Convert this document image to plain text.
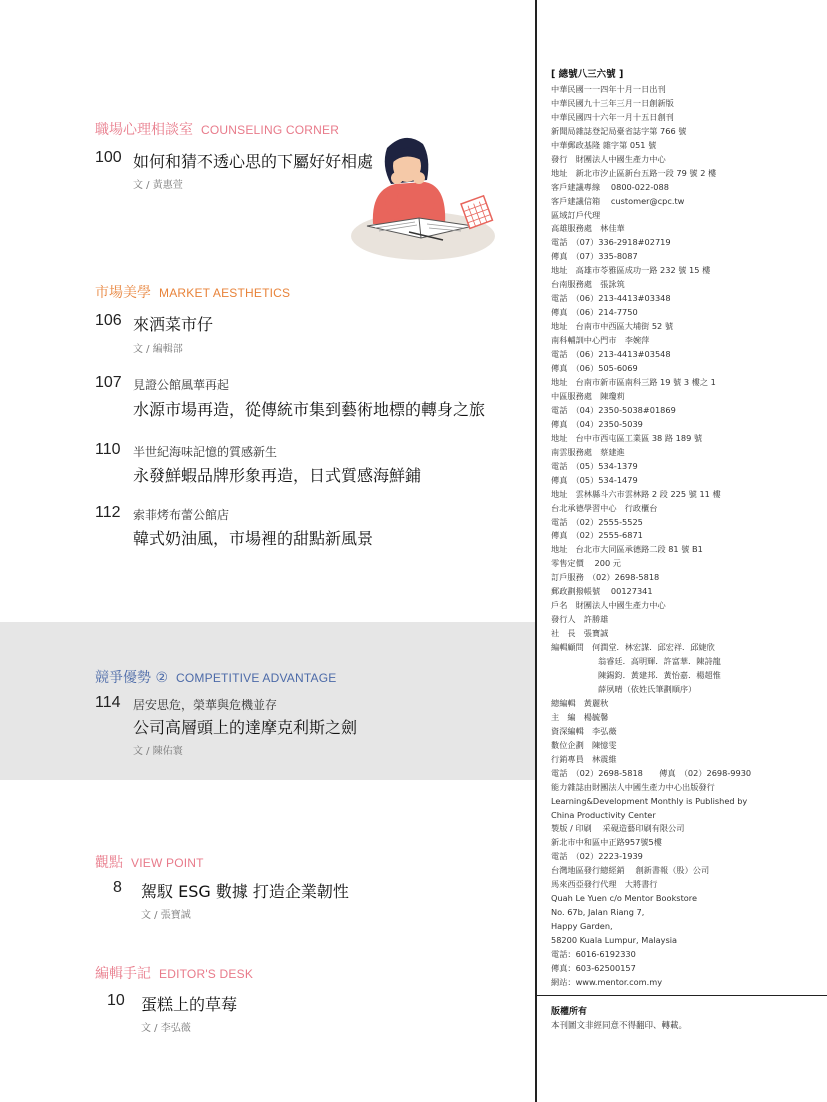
職場心理相談室 COUNSELING CORNER
100 如何和猜不透心思的下屬好好相處
文 / 黃惠萱
市場美學 MARKET AESTHETICS
106 來洒菜市仔
文 / 編輯部
107 見證公館風華再起
水源市場再造，從傳統市集到藝術地標的轉身之旅
110 半世紀海味記憶的質感新生
永發鮮蝦品牌形象再造，日式質感海鮮鋪
112 索菲烤布蕾公館店
韓式奶油風，市場裡的甜點新風景
競爭優勢 ② COMPETITIVE ADVANTAGE
114 居安思危，榮華與危機並存
公司高層頭上的達摩克利斯之劍
文 / 陳佑寰
觀點 VIEW POINT
8 駕馭 ESG 數據 打造企業韌性
文 / 張寶誠
編輯手記 EDITOR'S DESK
10 蛋糕上的草莓
文 / 李弘薇
[ 總號八三六號 ]
中華民國一一四年十月一日出刊
中華民國九十三年三月一日創新版
中華民國四十六年一月十五日創刊
新聞局雜誌登記局臺省誌字第 766 號
中華郵政基隆 雜字第 051 號
發行　財團法人中國生產力中心
地址　新北市汐止區新台五路一段 79 號 2 樓
客戶建議專線　 0800-022-088
客戶建議信箱　 customer@cpc.tw
區域訂戶代理
高雄服務處　林佳華
電話　（07）336-2918#02719
傳真　（07）335-8087
地址　高雄市苓雅區成功一路 232 號 15 樓
台南服務處　張詠筑
電話　（06）213-4413#03348
傳真　（06）214-7750
地址　台南市中西區大埔街 52 號
南科輔訓中心門市　李婉萍
電話　（06）213-4413#03548
傳真　（06）505-6069
地址　台南市新市區南科三路 19 號 3 樓之 1
中區服務處　陳瓊莉
電話　（04）2350-5038#01869
傳真　（04）2350-5039
地址　台中市西屯區工業區 38 路 189 號
南雲服務處　蔡建進
電話　（05）534-1379
傳真　（05）534-1479
地址　雲林縣斗六市雲林路 2 段 225 號 11 樓
台北承德學習中心　行政櫃台
電話　（02）2555-5525
傳真　（02）2555-6871
地址　台北市大同區承德路二段 81 號 B1
零售定價　 200 元
訂戶服務　（02）2698-5818
郵政劃撥帳號　 00127341
戶名　財團法人中國生產力中心
發行人　許勝雄
社　長　張寶誠
編輯顧問　何潤堂．林宏謀．邱宏祥．邱婕欣
翁睿廷．高明輝．許富華．陳詩龍
陳錫鈞．黃建邦．黃怡嘉．楊超惟
薛夙晴（依姓氏筆劃順序）
總編輯　黃麗秋
主　編　楊毓馨
資深編輯　李弘薇
數位企劃　陳憶雯
行銷專員　林震維
電話　（02）2698-5818　　傳真　（02）2698-9930
能力雜誌由財團法人中國生產力中心出版發行
Learning&Development Monthly is Published by
China Productivity Center
製版 / 印刷　 采硯造藝印刷有限公司
新北市中和區中正路957號5樓
電話　（02）2223-1939
台灣地區發行總經銷　 創新書報（股）公司
馬來西亞發行代理　大將書行
Quah Le Yuen c/o Mentor Bookstore
No. 67b, Jalan Riang 7,
Happy Garden,
58200 Kuala Lumpur, Malaysia
電話：6016-6192330
傳真：603-62500157
網站：www.mentor.com.my
版權所有
本刊圖文非經同意不得翻印、轉載。
